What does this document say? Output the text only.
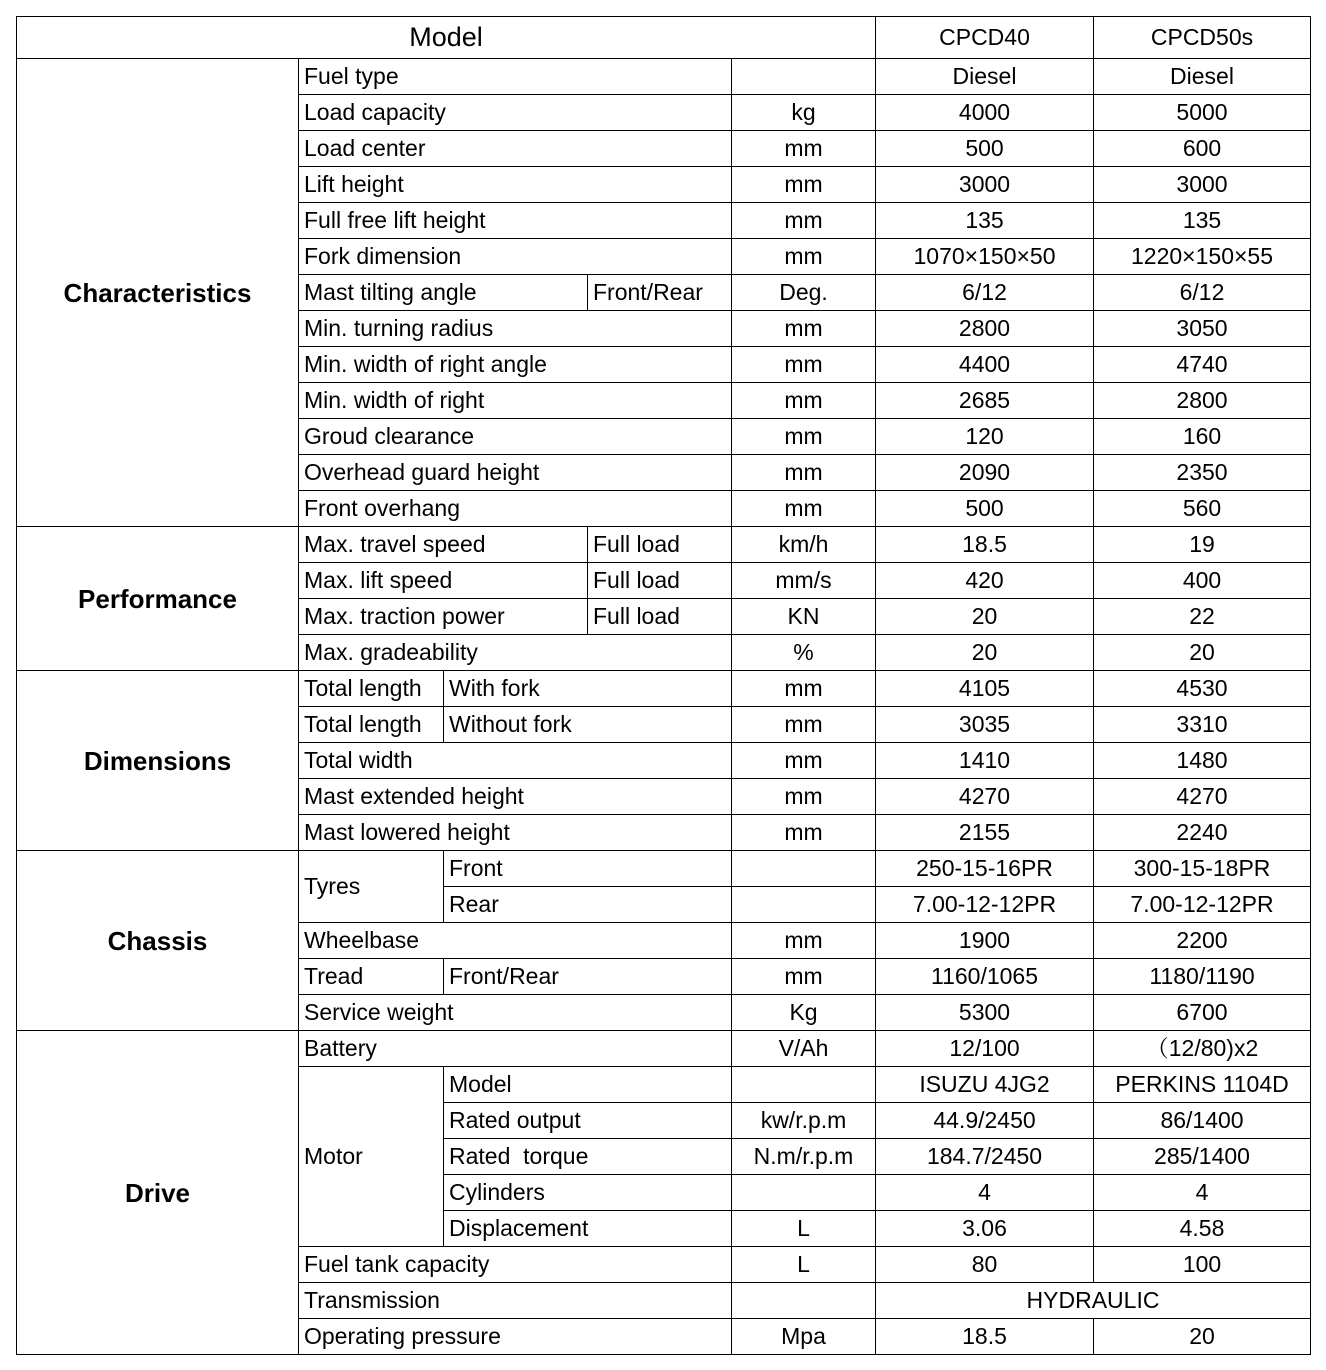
Model					CPCD40	CPCD50s
Characteristics	Fuel type				Diesel	Diesel
	Load capacity			kg	4000	5000
	Load center			mm	500	600
	Lift height			mm	3000	3000
	Full free lift height			mm	135	135
	Fork dimension			mm	1070×150×50	1220×150×55
	Mast tilting angle		Front/Rear	Deg.	6/12	6/12
	Min. turning radius			mm	2800	3050
	Min. width of right angle			mm	4400	4740
	Min. width of right			mm	2685	2800
	Groud clearance			mm	120	160
	Overhead guard height			mm	2090	2350
	Front overhang			mm	500	560
Performance	Max. travel speed		Full load	km/h	18.5	19
	Max. lift speed		Full load	mm/s	420	400
	Max. traction power		Full load	KN	20	22
	Max. gradeability			%	20	20
Dimensions	Total length	With fork		mm	4105	4530
	Total length	Without fork		mm	3035	3310
	Total width			mm	1410	1480
	Mast extended height			mm	4270	4270
	Mast lowered height			mm	2155	2240
Chassis	Tyres	Front			250-15-16PR	300-15-18PR
		Rear			7.00-12-12PR	7.00-12-12PR
	Wheelbase			mm	1900	2200
	Tread	Front/Rear		mm	1160/1065	1180/1190
	Service weight			Kg	5300	6700
Drive	Battery			V/Ah	12/100	（12/80)x2
	Motor	Model			ISUZU 4JG2	PERKINS 1104D
		Rated output		kw/r.p.m	44.9/2450	86/1400
		Rated  torque		N.m/r.p.m	184.7/2450	285/1400
		Cylinders			4	4
		Displacement		L	3.06	4.58
	Fuel tank capacity			L	80	100
	Transmission				HYDRAULIC	
	Operating pressure			Mpa	18.5	20
